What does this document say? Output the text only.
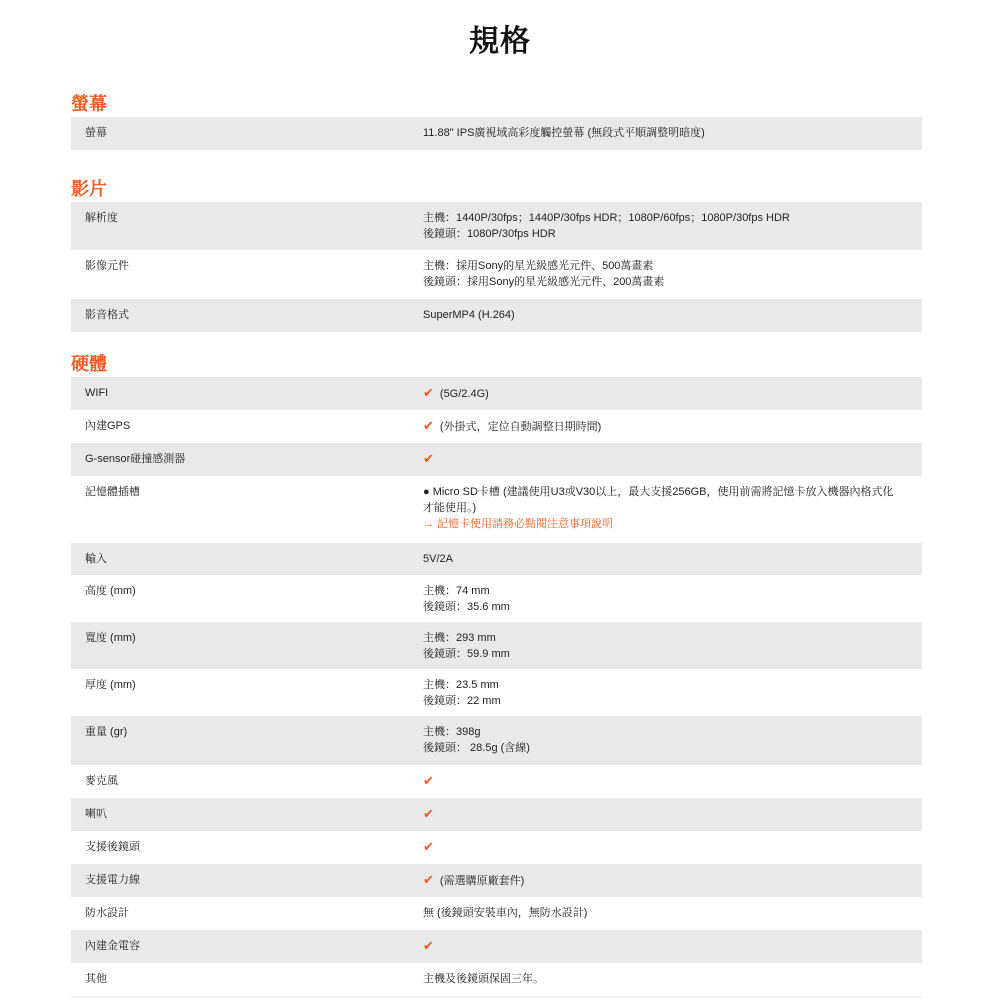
規格
螢幕
螢幕	11.88" IPS廣視域高彩度觸控螢幕 (無段式平順調整明暗度)
影片
解析度	主機：1440P/30fps；1440P/30fps HDR；1080P/60fps；1080P/30fps HDR
後鏡頭：1080P/30fps HDR
影像元件	主機：採用Sony的星光級感光元件、500萬畫素
後鏡頭：採用Sony的星光級感光元件、200萬畫素
影音格式	SuperMP4 (H.264)
硬體
WIFI	✔ (5G/2.4G)
內建GPS	✔ (外掛式，定位自動調整日期時間)
G-sensor碰撞感測器	✔
記憶體插槽	● Micro SD卡槽 (建議使用U3或V30以上，最大支援256GB，使用前需將記憶卡放入機器內格式化才能使用。)
→ 記憶卡使用請務必點閱注意事項說明
輸入	5V/2A
高度 (mm)	主機：74 mm
後鏡頭：35.6 mm
寬度 (mm)	主機：293 mm
後鏡頭：59.9 mm
厚度 (mm)	主機：23.5 mm
後鏡頭：22 mm
重量 (gr)	主機：398g
後鏡頭： 28.5g (含線)
麥克風	✔
喇叭	✔
支援後鏡頭	✔
支援電力線	✔ (需選購原廠套件)
防水設計	無 (後鏡頭安裝車內，無防水設計)
內建金電容	✔
其他	主機及後鏡頭保固三年。
